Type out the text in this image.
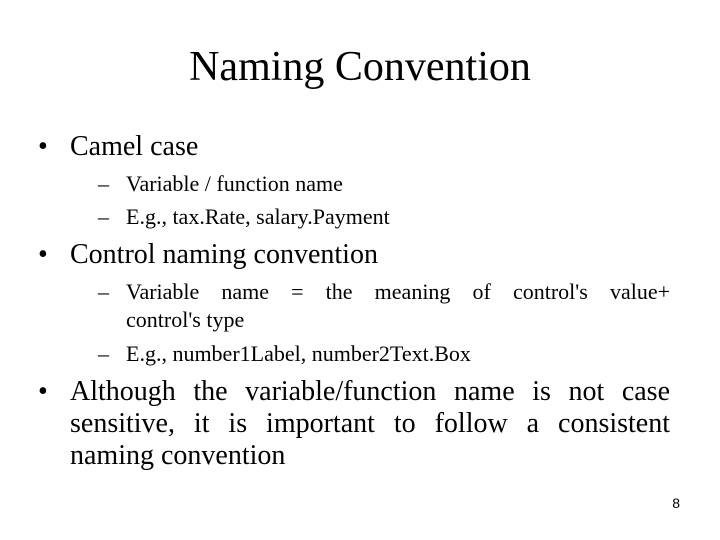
Naming Convention
• Camel case
– Variable / function name
– E.g., tax.Rate, salary.Payment
• Control naming convention
– Variable name = the meaning of control's value+
control's type
– E.g., number1Label, number2Text.Box
• Although the variable/function name is not case
sensitive, it is important to follow a consistent
naming convention
8
